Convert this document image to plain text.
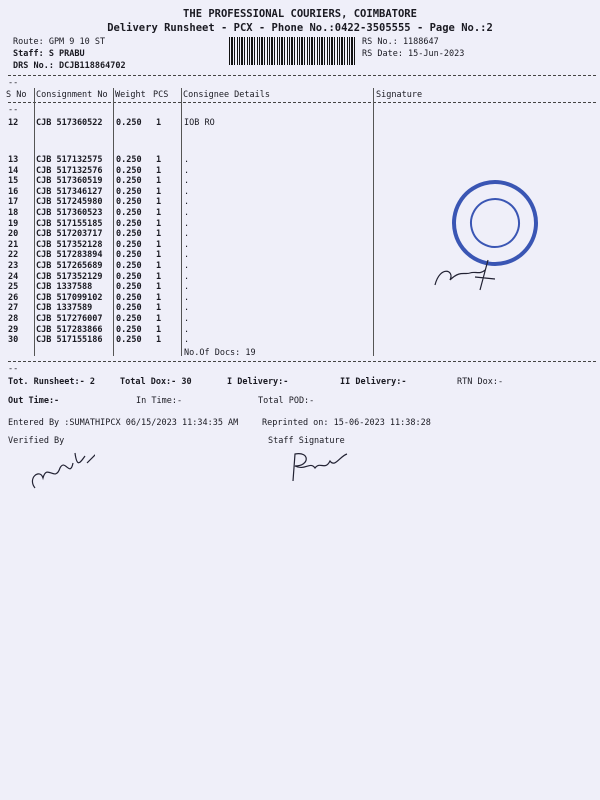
THE PROFESSIONAL COURIERS, COIMBATORE
Delivery Runsheet - PCX - Phone No.:0422-3505555 - Page No.:2
Route: GPM 9 10 ST
Staff: S PRABU
DRS No.: DCJB118864702
RS No.: 1188647
RS Date: 15-Jun-2023
--
S No Consignment No Weight PCS Consignee Details	Signature
--
12 CJB 517360522 0.250 1	IOB RO
13 CJB 517132575 0.250 1	.
14 CJB 517132576 0.250 1	.
15 CJB 517360519 0.250 1	.
16 CJB 517346127 0.250 1	.
17 CJB 517245980 0.250 1	.
18 CJB 517360523 0.250 1	.
19 CJB 517155185 0.250 1	.
20 CJB 517203717 0.250 1	.
21 CJB 517352128 0.250 1	.
22 CJB 517283894 0.250 1	.
23 CJB 517265689 0.250 1	.
24 CJB 517352129 0.250 1	.
25 CJB 1337588	0.250 1	.
26 CJB 517099102 0.250 1	.
27 CJB 1337589	0.250 1	.
28 CJB 517276007 0.250 1	.
29 CJB 517283866 0.250 1	.
30 CJB 517155186 0.250 1	.
No.Of Docs: 19
--
Tot. Runsheet:- 2	Total Dox:- 30	I Delivery:-	II Delivery:-	RTN Dox:-
Out Time:-	In Time:-	Total POD:-
Entered By :SUMATHIPCX 06/15/2023 11:34:35 AM	Reprinted on: 15-06-2023 11:38:28
Verified By	Staff Signature
